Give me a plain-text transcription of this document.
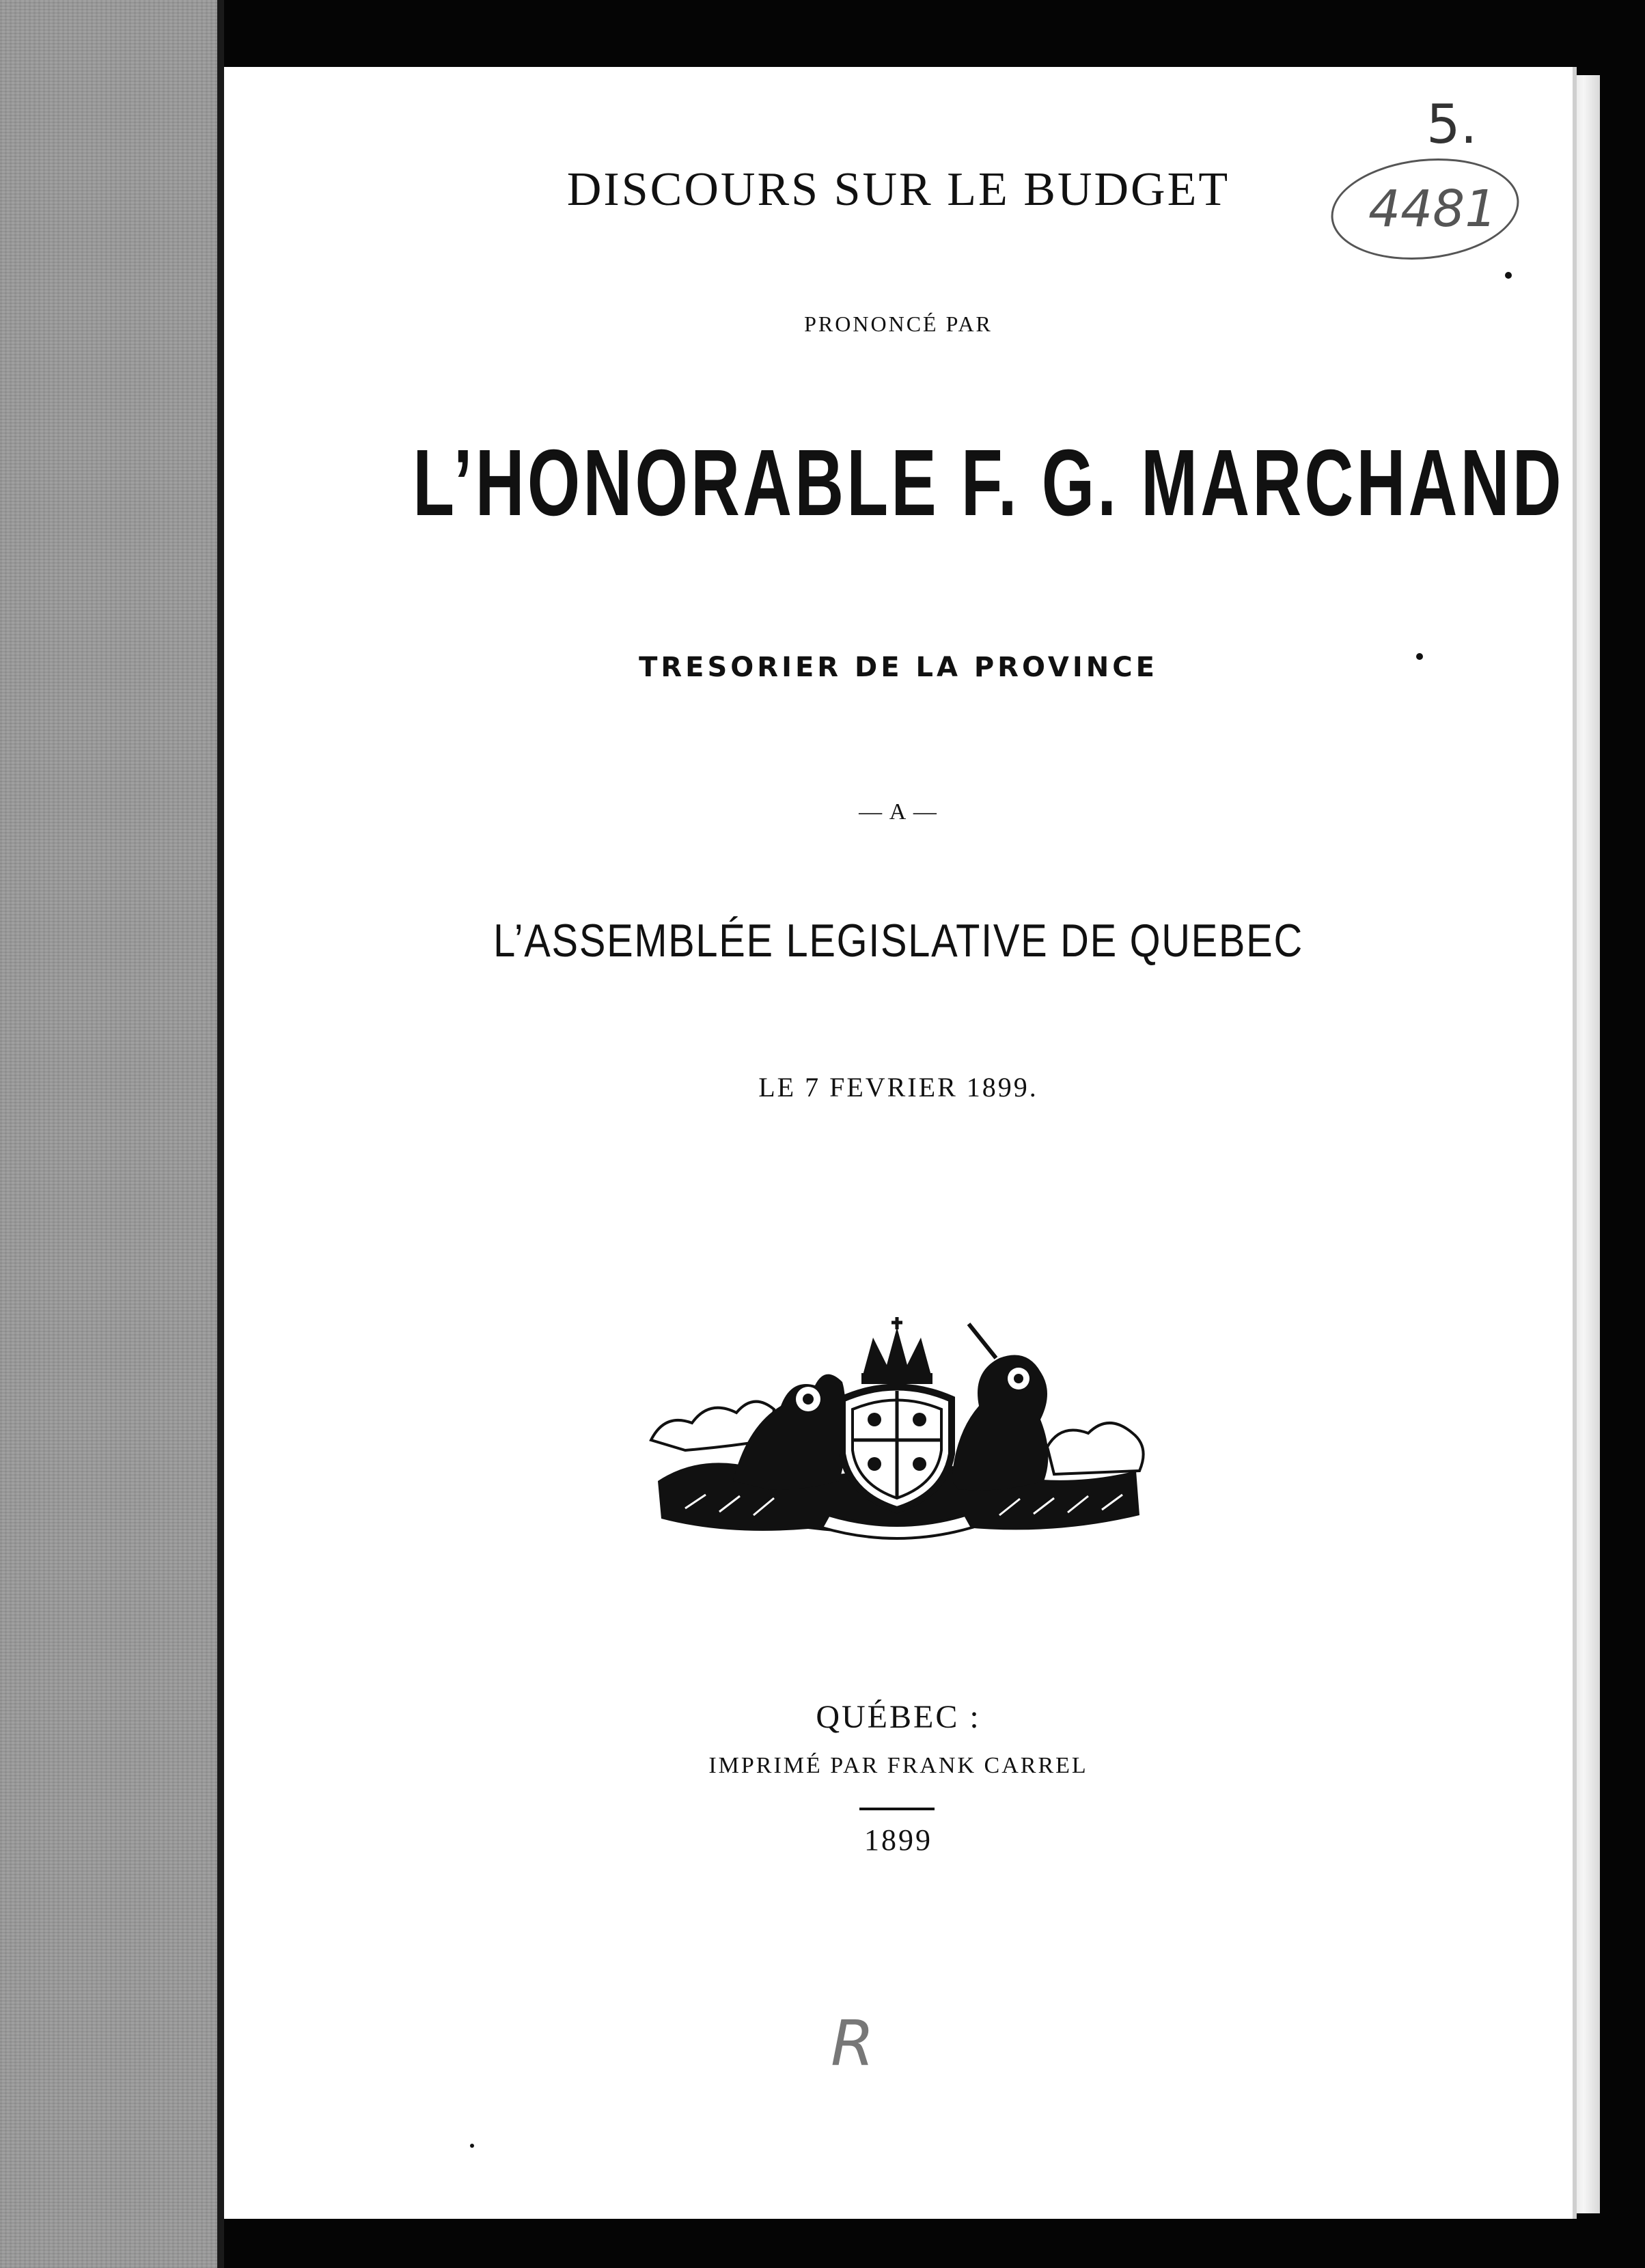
DISCOURS SUR LE BUDGET
PRONONCÉ PAR
L’HONORABLE F. G. MARCHAND
TRESORIER DE LA PROVINCE
— A —
L’ASSEMBLÉE LEGISLATIVE DE QUEBEC
LE 7 FEVRIER 1899.
QUÉBEC :
IMPRIMÉ PAR FRANK CARREL
1899
5.
4481
R
